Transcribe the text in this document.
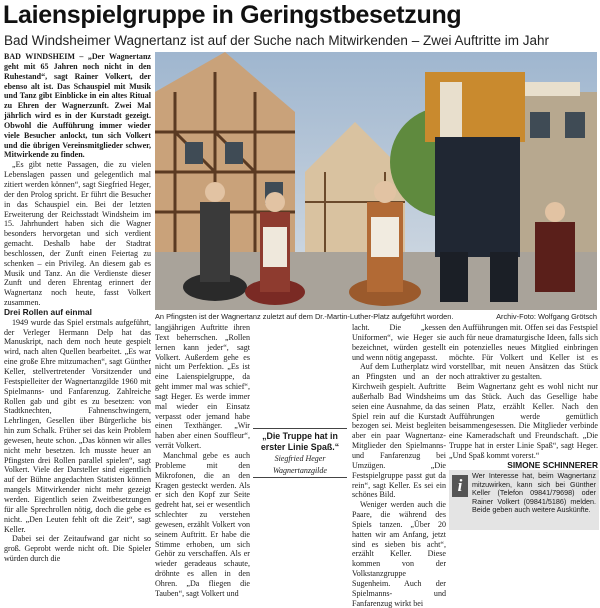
Laienspielgruppe in Geringstbesetzung
Bad Windsheimer Wagnertanz ist auf der Suche nach Mitwirkenden – Zwei Auftritte im Jahr

BAD WINDSHEIM – „Der Wagnertanz geht mit 65 Jahren noch nicht in den Ruhestand“, sagt Rainer Volkert, der ebenso alt ist. Das Schauspiel mit Musik und Tanz gibt Einblicke in ein altes Ritual zu Ehren der Wagnerzunft. Zwei Mal jährlich wird es in der Kurstadt gezeigt. Obwohl die Aufführung immer wieder viele Besucher anlockt, tun sich Volkert und die übrigen Vereinsmitglieder schwer, Mitwirkende zu finden.

„Es gibt nette Passagen, die zu vielen Lebenslagen passen und gelegentlich mal zitiert werden können“, sagt Siegfried Heger, der den Prolog spricht. Er führt die Besucher in das Schauspiel ein. Bei der letzten Erweiterung der Reichsstadt Windsheim im 15. Jahrhundert haben sich die Wagner besonders hervorgetan und sich verdient gemacht. Deshalb habe der Stadtrat beschlossen, der Zunft einen Feiertag zu schenken – ein Privileg. An diesem gab es Musik und Tanz. An die Verdienste dieser Zunft und deren Ehrentag erinnert der Wagnertanz noch heute, fasst Volkert zusammen.

Drei Rollen auf einmal

1949 wurde das Spiel erstmals aufgeführt, der Verleger Hermann Delp hat das Manuskript, nach dem noch heute gespielt wird, nach alten Quellen bearbeitet. „Es war eine große Ehre mitzumachen“, sagt Günther Keller, stellvertretender Vorsitzender und Festspielleiter der Wagnertanzgilde 1960 mit Spielmanns- und Fanfarenzug. Zahlreiche Rollen gab und gibt es zu besetzen: von Stadtknechten, Fahnenschwingern, Lehrlingen, Gesellen über Bürgerliche bis hin zum Schalk. Früher sei das kein Problem gewesen, heute schon. „Das können wir alles nicht mehr besetzen. Ich musste heuer an Pfingsten drei Rollen parallel spielen“, sagt Volkert. Viele der Darsteller sind eigentlich auf der Bühne angedachten Statisten können mangels Mitwirkender nicht mehr gezeigt werden. Eigentlich seien Zweitbesetzungen für alle Sprechrollen nötig, doch die gebe es nicht. „Den Leuten fehlt oft die Zeit“, sagt Keller.

Dabei sei der Zeitaufwand gar nicht so groß. Geprobt werde nicht oft. Die Spieler würden durch die

An Pfingsten ist der Wagnertanz zuletzt auf dem Dr.-Martin-Luther-Platz aufgeführt worden.	Archiv-Foto: Wolfgang Grötsch

langjährigen Auftritte ihren Text beherrschen. „Rollen lernen kann jeder“, sagt Volkert. Außerdem gehe es nicht um Perfektion. „Es ist eine Laienspielgruppe, da geht immer mal was schief“, sagt Heger. Es werde immer mal wieder ein Einsatz verpasst oder jemand habe einen Texthänger. „Wir haben aber einen Souffleur“, verrät Volkert.

Manchmal gebe es auch Probleme mit den Mikrofonen, die an den Kragen gesteckt werden. Als er sich den Kopf zur Seite gedreht hat, sei er wesentlich schlechter zu verstehen gewesen, erzählt Volkert von seinem Auftritt. Er habe die Stimme erhoben, um sich Gehör zu verschaffen. Als er wieder geradeaus schaute, dröhnte es allen in den Ohren. „Da fliegen die Tauben“, sagt Volkert und

„Die Truppe hat in erster Linie Spaß.“
Siegfried Heger
Wagnertanzgilde

lacht. Die „kessen Uniformen“, wie Heger sie bezeichnet, würden gestellt und wenn nötig angepasst.

Auf dem Lutherplatz wird an Pfingsten und an der Kirchweih gespielt. Auftritte außerhalb Bad Windsheims seien eine Ausnahme, da das Spiel rein auf die Kurstadt bezogen sei. Meist begleiten aber ein paar Wagnertanz-Mitglieder den Spielmanns- und Fanfarenzug bei Umzügen. „Die Festspielgruppe passt gut da rein“, sagt Keller. Es sei ein schönes Bild.

Weniger werden auch die Paare, die während des Spiels tanzen. „Über 20 hatten wir am Anfang, jetzt sind es sieben bis acht“, erzählt Keller. Diese kommen von der Volkstanzgruppe Sugenheim. Auch der Spielmanns- und Fanfarenzug wirkt bei

den Aufführungen mit. Offen sei das Festspiel auch für neue dramaturgische Ideen, falls sich ein potenzielles neues Mitglied einbringen möchte. Für Volkert und Keller ist es vorstellbar, mit neuen Ansätzen das Stück noch attraktiver zu gestalten.

Beim Wagnertanz geht es wohl nicht nur um das Stück. Auch das Gesellige habe seinen Platz, erzählt Keller. Nach den Aufführungen werde gemütlich beisammengesessen. Die Mitglieder verbinde eine Kameradschaft und Freundschaft. „Die Truppe hat in erster Linie Spaß“, sagt Heger. „Und Spaß kommt vorerst.“

SIMONE SCHINNERER

i
Wer Interesse hat, beim Wagnertanz mitzuwirken, kann sich bei Günther Keller (Telefon 09841/79698) oder Rainer Volkert (09841/5186) melden. Beide geben auch weitere Auskünfte.
